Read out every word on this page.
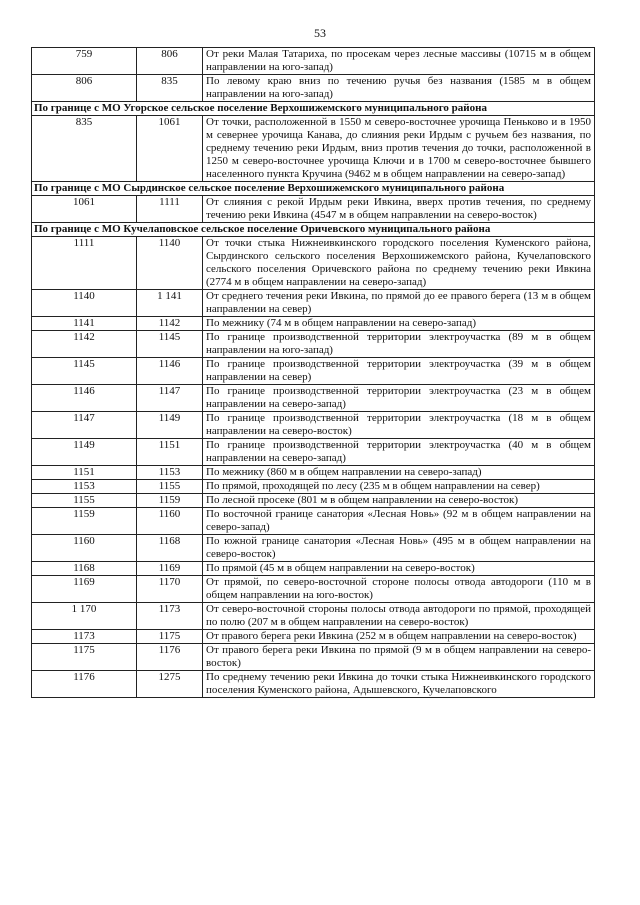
53
759	806	От реки Малая Татариха, по просекам через лесные массивы (10715 м в общем направлении на юго-запад)
806	835	По левому краю вниз по течению ручья без названия (1585 м в общем направлении на юго-запад)
По границе с МО Угорское сельское поселение Верхошижемского муниципального района		
835	1061	От точки, расположенной в 1550 м северо-восточнее урочища Пеньково и в 1950 м севернее урочища Канава, до слияния реки Ирдым с ручьем без названия, по среднему течению реки Ирдым, вниз против течения до точки, расположенной в 1250 м северо-восточнее урочища Ключи и в 1700 м северо-восточнее бывшего населенного пункта Кручина (9462 м в общем направлении на северо-запад)
По границе с МО Сырдинское сельское поселение Верхошижемского муниципального района		
1061	1111	От слияния с рекой Ирдым реки Ивкина, вверх против течения, по среднему течению реки Ивкина (4547 м в общем направлении на северо-восток)
По границе с МО Кучелаповское сельское поселение Оричевского муниципального района		
1111	1140	От точки стыка Нижнеивкинского городского поселения Куменского района, Сырдинского сельского поселения Верхошижемского района, Кучелаповского сельского поселения Оричевского района по среднему течению реки Ивкина (2774 м в общем направлении на северо-запад)
1140	1 141	От среднего течения реки Ивкина, по прямой до ее правого берега (13 м в общем направлении на север)
1141	1142	По межнику (74 м в общем направлении на северо-запад)
1142	1145	По границе производственной территории электроучастка (89 м в общем направлении на юго-запад)
1145	1146	По границе производственной территории электроучастка (39 м в общем направлении на север)
1146	1147	По границе производственной территории электроучастка (23 м в общем направлении на северо-запад)
1147	1149	По границе производственной территории электроучастка (18 м в общем направлении на северо-восток)
1149	1151	По границе производственной территории электроучастка (40 м в общем направлении на северо-запад)
1151	1153	По межнику (860 м в общем направлении на северо-запад)
1153	1155	По прямой, проходящей по лесу (235 м в общем направлении на север)
1155	1159	По лесной просеке (801 м в общем направлении на северо-восток)
1159	1160	По восточной границе санатория «Лесная Новь» (92 м в общем направлении на северо-запад)
1160	1168	По южной границе санатория «Лесная Новь» (495 м в общем направлении на северо-восток)
1168	1169	По прямой (45 м в общем направлении на северо-восток)
1169	1170	От прямой, по северо-восточной стороне полосы отвода автодороги (110 м в общем направлении на юго-восток)
1 170	1173	От северо-восточной стороны полосы отвода автодороги по прямой, проходящей по полю (207 м в общем направлении на северо-восток)
1173	1175	От правого берега реки Ивкина (252 м в общем направлении на северо-восток)
1175	1176	От правого берега реки Ивкина по прямой (9 м в общем направлении на северо-восток)
1176	1275	По среднему течению реки Ивкина до точки стыка Нижнеивкинского городского поселения Куменского района, Адышевского, Кучелаповского
